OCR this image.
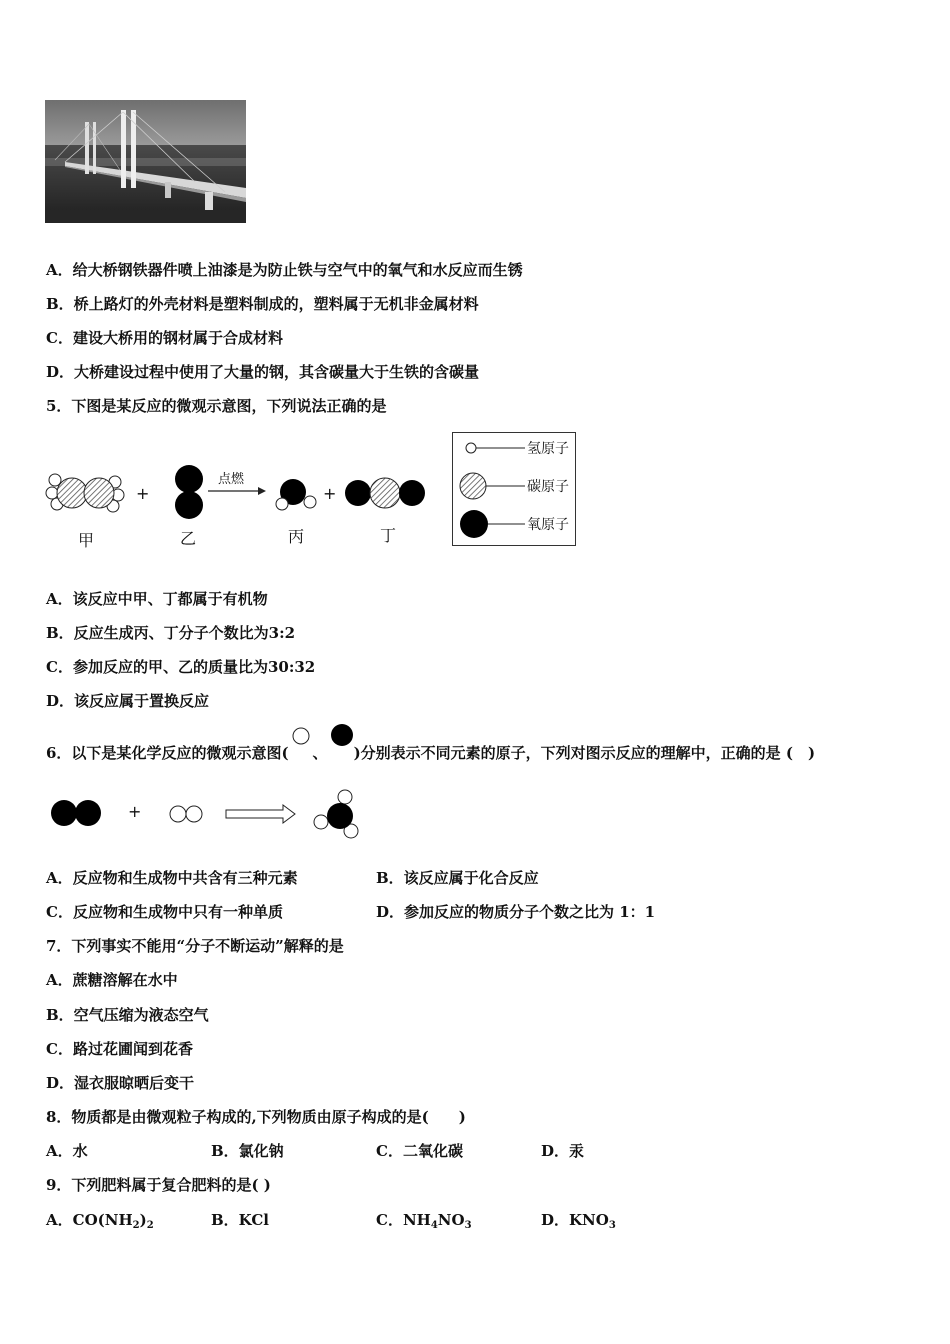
A．给大桥钢铁器件喷上油漆是为防止铁与空气中的氧气和水反应而生锈
B．桥上路灯的外壳材料是塑料制成的，塑料属于无机非金属材料
C．建设大桥用的钢材属于合成材料
D．大桥建设过程中使用了大量的钢，其含碳量大于生铁的含碳量
5．下图是某反应的微观示意图，下列说法正确的是
+	+
点燃
甲	乙	丙	丁
氢原子
碳原子
氧原子
A．该反应中甲、丁都属于有机物
B．反应生成丙、丁分子个数比为3:2
C．参加反应的甲、乙的质量比为30:32
D．该反应属于置换反应
6．以下是某化学反应的微观示意图( 、 )分别表示不同元素的原子，下列对图示反应的理解中，正确的是 (　)
+
A．反应物和生成物中共含有三种元素	B．该反应属于化合反应
C．反应物和生成物中只有一种单质	D．参加反应的物质分子个数之比为 1：1
7．下列事实不能用“分子不断运动”解释的是
A．蔗糖溶解在水中
B．空气压缩为液态空气
C．路过花圃闻到花香
D．湿衣服晾晒后变干
8．物质都是由微观粒子构成的,下列物质由原子构成的是(　　)
A．水	B．氯化钠	C．二氧化碳	D．汞
9．下列肥料属于复合肥料的是( )
A．$CO(NH_2)_2$	B．KCl	C．$NH_4NO_3$	D．$KNO_3$
